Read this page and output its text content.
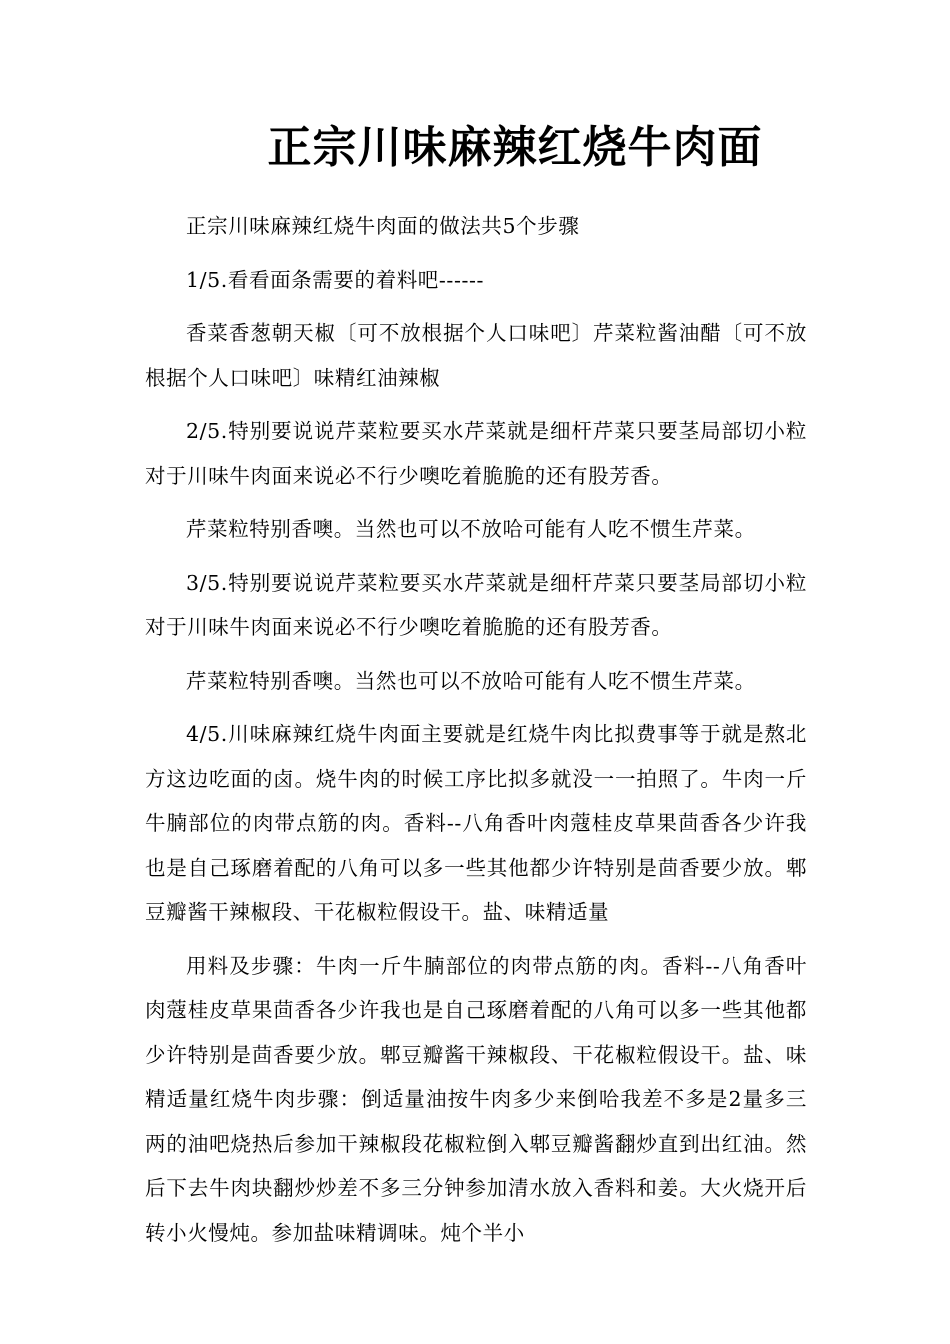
正宗川味麻辣红烧牛肉面

正宗川味麻辣红烧牛肉面的做法共5个步骤

1/5.看看面条需要的着料吧------

香菜香葱朝天椒〔可不放根据个人口味吧〕芹菜粒酱油醋〔可不放根据个人口味吧〕味精红油辣椒

2/5.特别要说说芹菜粒要买水芹菜就是细杆芹菜只要茎局部切小粒对于川味牛肉面来说必不行少噢吃着脆脆的还有股芳香。

芹菜粒特别香噢。当然也可以不放哈可能有人吃不惯生芹菜。

3/5.特别要说说芹菜粒要买水芹菜就是细杆芹菜只要茎局部切小粒对于川味牛肉面来说必不行少噢吃着脆脆的还有股芳香。

芹菜粒特别香噢。当然也可以不放哈可能有人吃不惯生芹菜。

4/5.川味麻辣红烧牛肉面主要就是红烧牛肉比拟费事等于就是熬北方这边吃面的卤。烧牛肉的时候工序比拟多就没一一拍照了。牛肉一斤牛腩部位的肉带点筋的肉。香料--八角香叶肉蔻桂皮草果茴香各少许我也是自己琢磨着配的八角可以多一些其他都少许特别是茴香要少放。郫豆瓣酱干辣椒段、干花椒粒假设干。盐、味精适量

用料及步骤：牛肉一斤牛腩部位的肉带点筋的肉。香料--八角香叶肉蔻桂皮草果茴香各少许我也是自己琢磨着配的八角可以多一些其他都少许特别是茴香要少放。郫豆瓣酱干辣椒段、干花椒粒假设干。盐、味精适量红烧牛肉步骤：倒适量油按牛肉多少来倒哈我差不多是2量多三两的油吧烧热后参加干辣椒段花椒粒倒入郫豆瓣酱翻炒直到出红油。然后下去牛肉块翻炒炒差不多三分钟参加清水放入香料和姜。大火烧开后转小火慢炖。参加盐味精调味。炖个半小
